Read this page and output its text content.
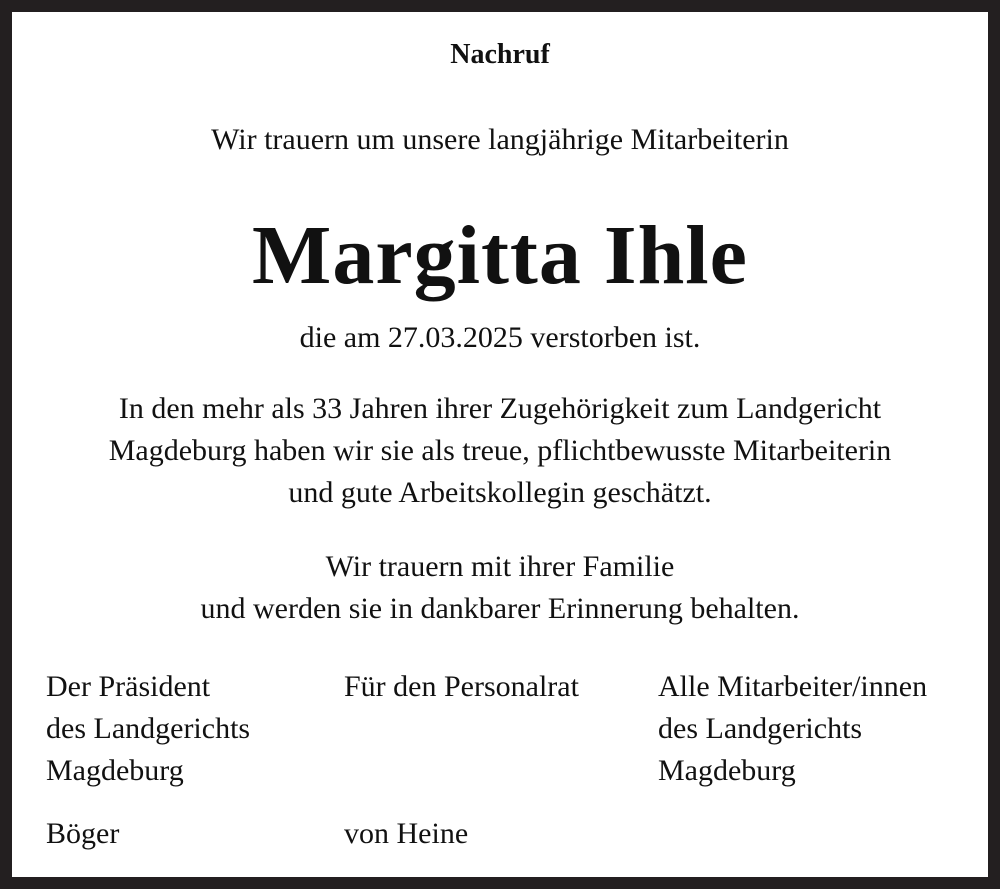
Nachruf
Wir trauern um unsere langjährige Mitarbeiterin
Margitta Ihle
die am 27.03.2025 verstorben ist.
In den mehr als 33 Jahren ihrer Zugehörigkeit zum Landgericht
Magdeburg haben wir sie als treue, pflichtbewusste Mitarbeiterin
und gute Arbeitskollegin geschätzt.
Wir trauern mit ihrer Familie
und werden sie in dankbarer Erinnerung behalten.
Der Präsident
des Landgerichts
Magdeburg
Für den Personalrat	Alle Mitarbeiter/innen
des Landgerichts
Magdeburg
Böger	von Heine
